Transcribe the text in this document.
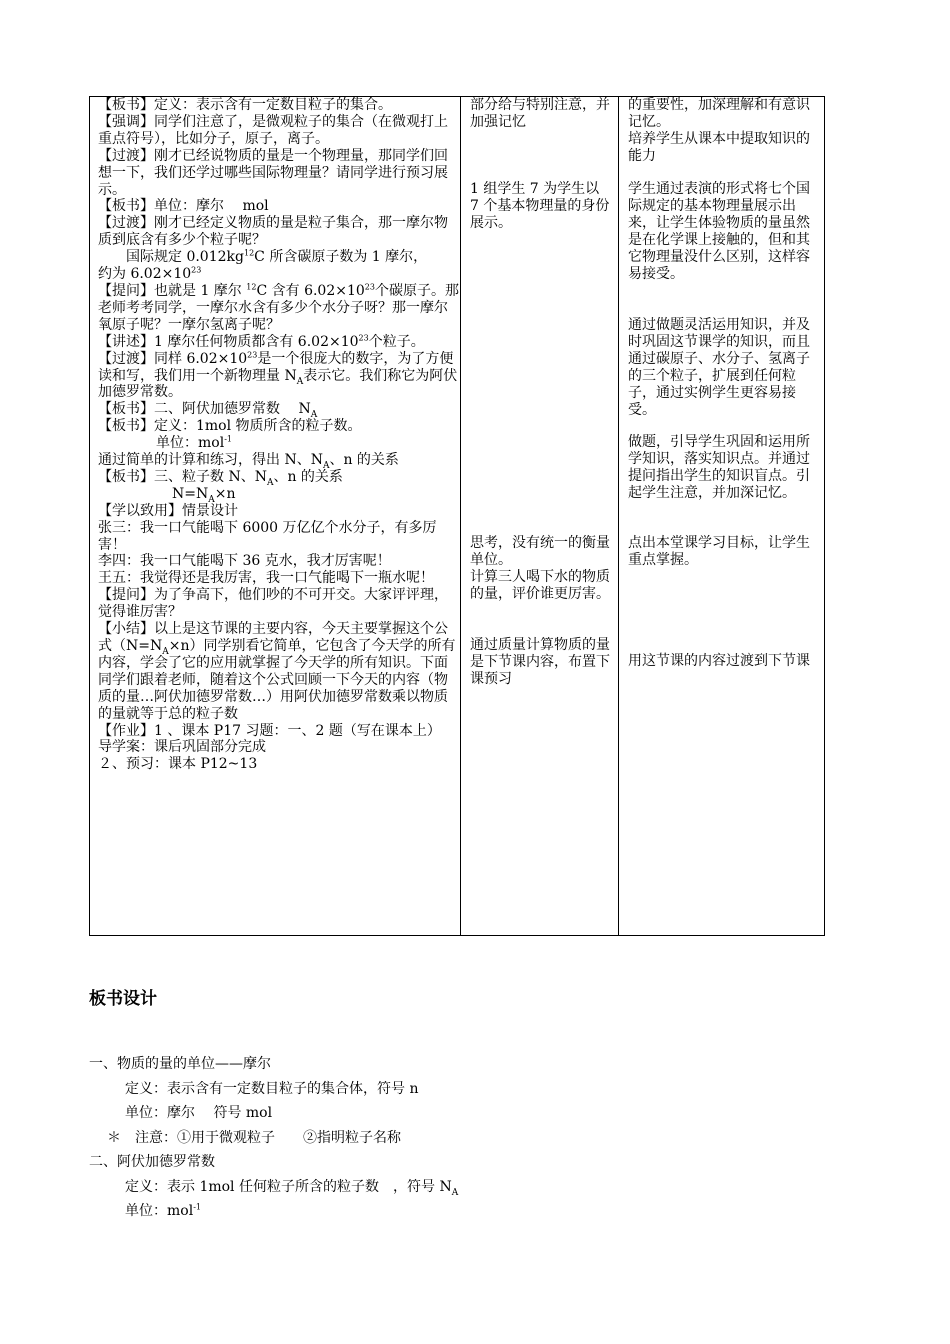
【板书】定义：表示含有一定数目粒子的集合。

【强调】同学们注意了，是微观粒子的集合（在微观打上重点符号），比如分子，原子，离子。

【过渡】刚才已经说物质的量是一个物理量，那同学们回想一下，我们还学过哪些国际物理量？请同学进行预习展示。

【板书】单位：摩尔　 mol

【过渡】刚才已经定义物质的量是粒子集合，那一摩尔物质到底含有多少个粒子呢？

国际规定 $0.012kg^{12}C$ 所含碳原子数为 1 摩尔，

约为 $6.02\times 10^{23}$

【提问】也就是 1 摩尔 $^{12}$C 含有 $6.02\times 10^{23}$个碳原子。那老师考考同学，一摩尔水含有多少个水分子呀？那一摩尔氧原子呢？一摩尔氢离子呢？

【讲述】1 摩尔任何物质都含有 $6.02\times 10^{23}$个粒子。

【过渡】同样 $6.02\times 10^{23}$是一个很庞大的数字，为了方便读和写，我们用一个新物理量 $N_A$表示它。我们称它为阿伏加德罗常数。

【板书】二、阿伏加德罗常数　 $N_A$

【板书】定义：1mol 物质所含的粒子数。

单位：mol$^{-1}$

通过简单的计算和练习，得出 N、$N_A$、n 的关系

【板书】三、粒子数 N、$N_A$、n 的关系

$N=N_A\times n$

【学以致用】情景设计

张三：我一口气能喝下 6000 万亿亿个水分子，有多厉害！

李四：我一口气能喝下 36 克水，我才厉害呢！

王五：我觉得还是我厉害，我一口气能喝下一瓶水呢！

【提问】为了争高下，他们吵的不可开交。大家评评理，觉得谁厉害？

【小结】以上是这节课的主要内容，今天主要掌握这个公式$(N=N_A\times n)$同学别看它简单，它包含了今天学的所有内容，学会了它的应用就掌握了今天学的所有知识。下面同学们跟着老师，随着这个公式回顾一下今天的内容（物质的量…阿伏加德罗常数…）用阿伏加德罗常数乘以物质的量就等于总的粒子数

【作业】1 、课本 P17 习题：一、2 题（写在课本上）

导学案：课后巩固部分完成

２、预习：课本 P12~13

部分给与特别注意，并加强记忆

1 组学生 7 为学生以 7 个基本物理量的身份展示。

思考，没有统一的衡量单位。

计算三人喝下水的物质的量，评价谁更厉害。

通过质量计算物质的量是下节课内容，布置下课预习

的重要性，加深理解和有意识记忆。

培养学生从课本中提取知识的能力

学生通过表演的形式将七个国际规定的基本物理量展示出来，让学生体验物质的量虽然是在化学课上接触的，但和其它物理量没什么区别，这样容易接受。

通过做题灵活运用知识，并及时巩固这节课学的知识，而且通过碳原子、水分子、氢离子的三个粒子，扩展到任何粒子，通过实例学生更容易接受。

做题，引导学生巩固和运用所学知识，落实知识点。并通过提问指出学生的知识盲点。引起学生注意，并加深记忆。

点出本堂课学习目标，让学生重点掌握。

用这节课的内容过渡到下节课

板书设计

一、物质的量的单位——摩尔

定义：表示含有一定数目粒子的集合体，符号 n

单位：摩尔　 符号 mol

＊　注意：①用于微观粒子　　②指明粒子名称

二、阿伏加德罗常数

定义：表示 1mol 任何粒子所含的粒子数　，符号 $N_A$

单位：mol$^{-1}$
